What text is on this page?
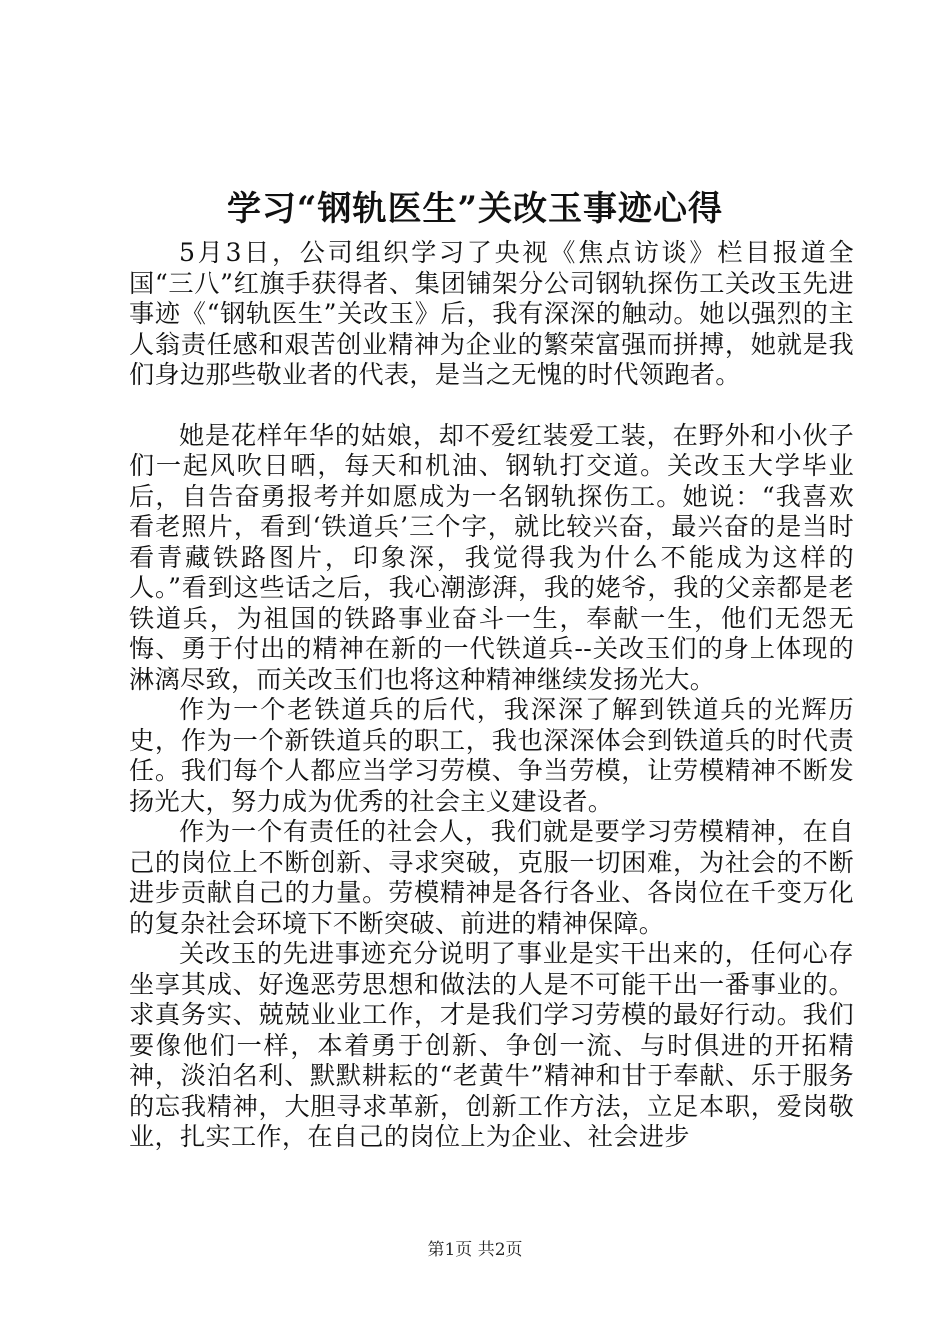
学习“钢轨医生”关改玉事迹心得

5月3日，公司组织学习了央视《焦点访谈》栏目报道全国“三八”红旗手获得者、集团铺架分公司钢轨探伤工关改玉先进事迹《“钢轨医生”关改玉》后，我有深深的触动。她以强烈的主人翁责任感和艰苦创业精神为企业的繁荣富强而拼搏，她就是我们身边那些敬业者的代表，是当之无愧的时代领跑者。

她是花样年华的姑娘，却不爱红装爱工装，在野外和小伙子们一起风吹日晒，每天和机油、钢轨打交道。关改玉大学毕业后，自告奋勇报考并如愿成为一名钢轨探伤工。她说：“我喜欢看老照片，看到‘铁道兵’三个字，就比较兴奋，最兴奋的是当时看青藏铁路图片，印象深，我觉得我为什么不能成为这样的人。”看到这些话之后，我心潮澎湃，我的姥爷，我的父亲都是老铁道兵，为祖国的铁路事业奋斗一生，奉献一生，他们无怨无悔、勇于付出的精神在新的一代铁道兵--关改玉们的身上体现的淋漓尽致，而关改玉们也将这种精神继续发扬光大。

作为一个老铁道兵的后代，我深深了解到铁道兵的光辉历史，作为一个新铁道兵的职工，我也深深体会到铁道兵的时代责任。我们每个人都应当学习劳模、争当劳模，让劳模精神不断发扬光大，努力成为优秀的社会主义建设者。

作为一个有责任的社会人，我们就是要学习劳模精神，在自己的岗位上不断创新、寻求突破，克服一切困难，为社会的不断进步贡献自己的力量。劳模精神是各行各业、各岗位在千变万化的复杂社会环境下不断突破、前进的精神保障。

关改玉的先进事迹充分说明了事业是实干出来的，任何心存坐享其成、好逸恶劳思想和做法的人是不可能干出一番事业的。求真务实、兢兢业业工作，才是我们学习劳模的最好行动。我们要像他们一样，本着勇于创新、争创一流、与时俱进的开拓精神，淡泊名利、默默耕耘的“老黄牛”精神和甘于奉献、乐于服务的忘我精神，大胆寻求革新，创新工作方法，立足本职，爱岗敬业，扎实工作，在自己的岗位上为企业、社会进步

第1页 共2页
